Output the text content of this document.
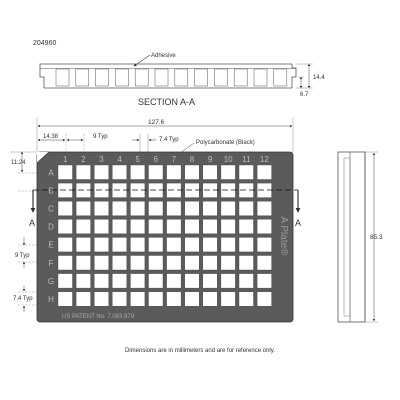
204960
Adhesive
14.4
6.7
SECTION A-A
127.6
14.38	9 Typ	7.4 Typ	Polycarbonate (Black)
11.24
9 Typ
7.4 Typ
1 2 3 4 5 6 7 8 9 10 11 12
A
B
C
D
E
F
G
H
A Plate®
US PATENT No. 7,063,979
A	A
85.3
Dimensions are in millimeters and are for reference only.
